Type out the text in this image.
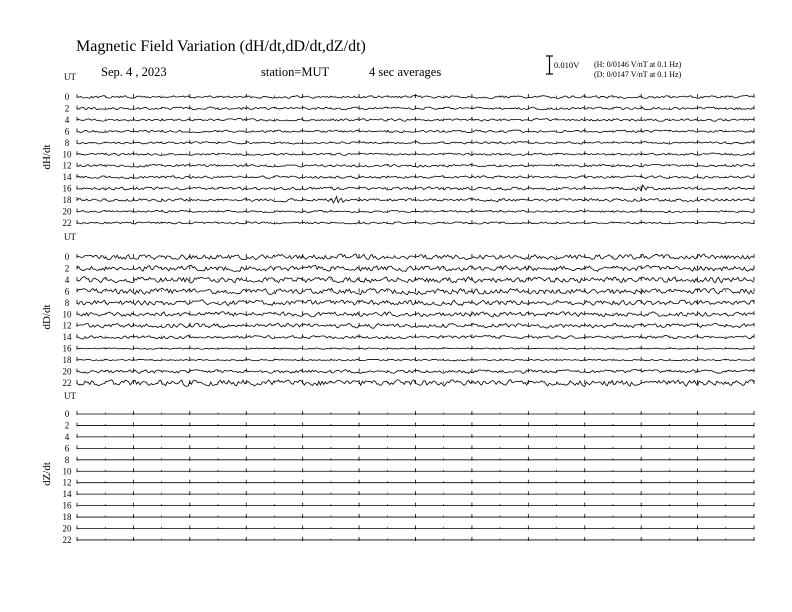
Magnetic Field Variation (dH/dt,dD/dt,dZ/dt)
Sep. 4 , 2023	station=MUT	4 sec averages	0.010V (H: 0/0146 V/nT at 0.1 Hz)
(D: 0/0147 V/nT at 0.1 Hz)
UT
dH/dt
0
2
4
6
8
10
12
14
16
18
20
22
UT
dD/dt
0
2
4
6
8
10
12
14
16
18
20
22
UT
dZ/dt
0
2
4
6
8
10
12
14
16
18
20
22
